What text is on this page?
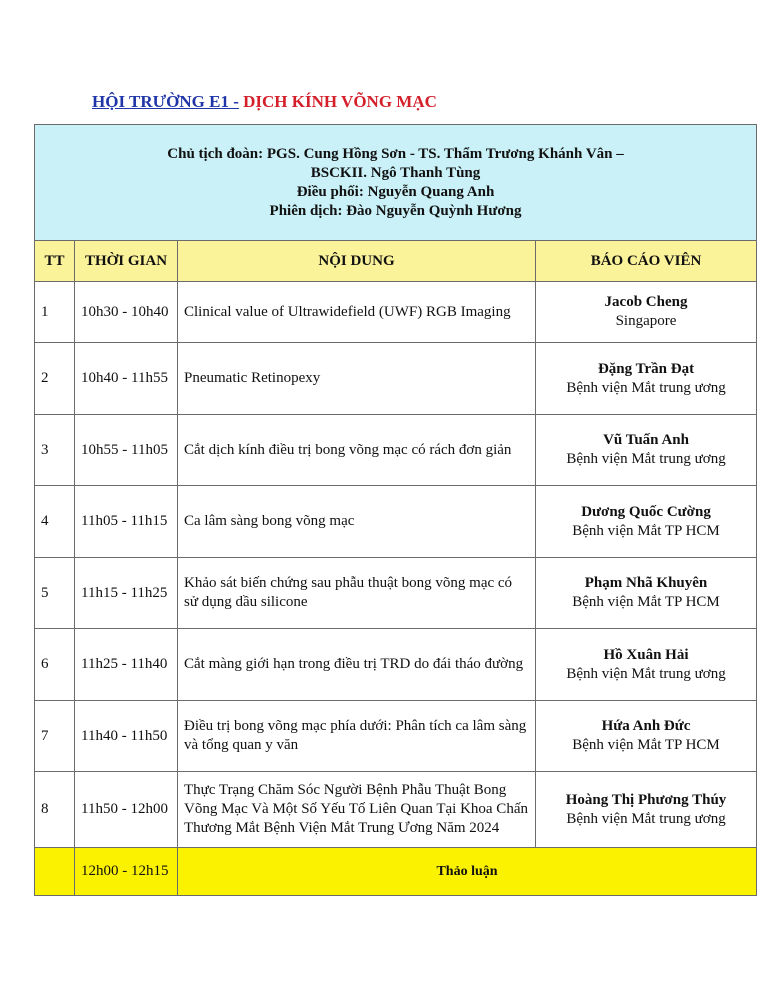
HỘI TRƯỜNG E1 - DỊCH KÍNH VÕNG MẠC
Chủ tịch đoàn: PGS. Cung Hồng Sơn - TS. Thẩm Trương Khánh Vân –
BSCKII. Ngô Thanh Tùng
Điều phối: Nguyễn Quang Anh
Phiên dịch: Đào Nguyễn Quỳnh Hương			

TT	THỜI GIAN	NỘI DUNG	BÁO CÁO VIÊN
1	10h30 - 10h40	Clinical value of Ultrawidefield (UWF) RGB Imaging	Jacob Cheng
Singapore

2	10h40 - 11h55	Pneumatic Retinopexy	Đặng Trần Đạt
Bệnh viện Mắt trung ương

3	10h55 - 11h05	Cắt dịch kính điều trị bong võng mạc có rách đơn giản	Vũ Tuấn Anh
Bệnh viện Mắt trung ương

4	11h05 - 11h15	Ca lâm sàng bong võng mạc	Dương Quốc Cường
Bệnh viện Mắt TP HCM

5	11h15 - 11h25	Khảo sát biến chứng sau phẫu thuật bong võng mạc có sử dụng dầu silicone	Phạm Nhã Khuyên
Bệnh viện Mắt TP HCM

6	11h25 - 11h40	Cắt màng giới hạn trong điều trị TRD do đái tháo đường	Hồ Xuân Hải
Bệnh viện Mắt trung ương

7	11h40 - 11h50	Điều trị bong võng mạc phía dưới: Phân tích ca lâm sàng và tổng quan y văn	Hứa Anh Đức
Bệnh viện Mắt TP HCM

8	11h50 - 12h00	Thực Trạng Chăm Sóc Người Bệnh Phẫu Thuật Bong Võng Mạc Và Một Số Yếu Tố Liên Quan Tại Khoa Chấn Thương Mắt Bệnh Viện Mắt Trung Ương Năm 2024	Hoàng Thị Phương Thúy
Bệnh viện Mắt trung ương

	12h00 - 12h15	Thảo luận	
